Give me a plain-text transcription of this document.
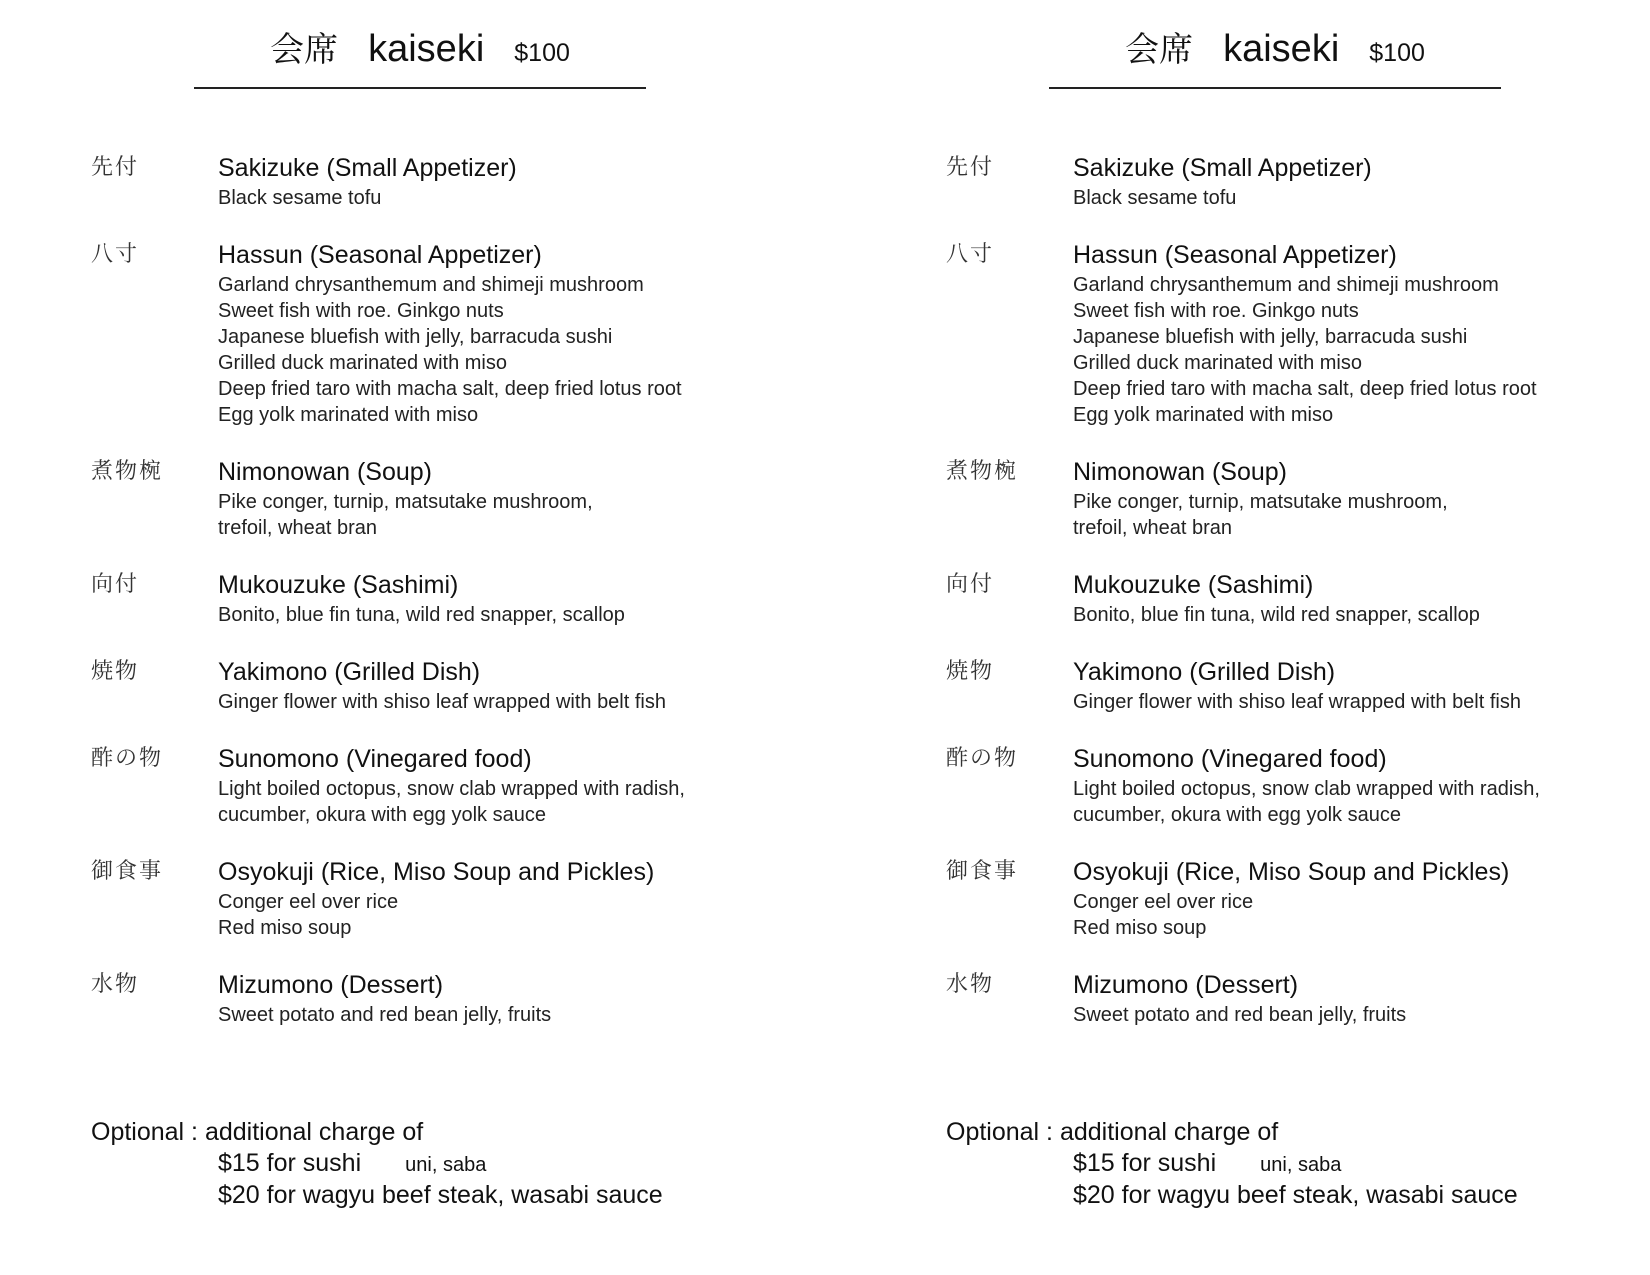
会席 kaiseki $100
先付	Sakizuke (Small Appetizer)
Black sesame tofu
八寸	Hassun (Seasonal Appetizer)
Garland chrysanthemum and shimeji mushroom
Sweet fish with roe. Ginkgo nuts
Japanese bluefish with jelly, barracuda sushi
Grilled duck marinated with miso
Deep fried taro with macha salt, deep fried lotus root
Egg yolk marinated with miso
煮物椀 Nimonowan (Soup)
Pike conger, turnip, matsutake mushroom,
trefoil, wheat bran
向付	Mukouzuke (Sashimi)
Bonito, blue fin tuna, wild red snapper, scallop
焼物	Yakimono (Grilled Dish)
Ginger flower with shiso leaf wrapped with belt fish
酢の物 Sunomono (Vinegared food)
Light boiled octopus, snow clab wrapped with radish,
cucumber, okura with egg yolk sauce
御食事 Osyokuji (Rice, Miso Soup and Pickles)
Conger eel over rice
Red miso soup
水物	Mizumono (Dessert)
Sweet potato and red bean jelly, fruits
Optional : additional charge of
$15 for sushi uni, saba
$20 for wagyu beef steak, wasabi sauce
会席 kaiseki $100
先付	Sakizuke (Small Appetizer)
Black sesame tofu
八寸	Hassun (Seasonal Appetizer)
Garland chrysanthemum and shimeji mushroom
Sweet fish with roe. Ginkgo nuts
Japanese bluefish with jelly, barracuda sushi
Grilled duck marinated with miso
Deep fried taro with macha salt, deep fried lotus root
Egg yolk marinated with miso
煮物椀 Nimonowan (Soup)
Pike conger, turnip, matsutake mushroom,
trefoil, wheat bran
向付	Mukouzuke (Sashimi)
Bonito, blue fin tuna, wild red snapper, scallop
焼物	Yakimono (Grilled Dish)
Ginger flower with shiso leaf wrapped with belt fish
酢の物 Sunomono (Vinegared food)
Light boiled octopus, snow clab wrapped with radish,
cucumber, okura with egg yolk sauce
御食事 Osyokuji (Rice, Miso Soup and Pickles)
Conger eel over rice
Red miso soup
水物	Mizumono (Dessert)
Sweet potato and red bean jelly, fruits
Optional : additional charge of
$15 for sushi uni, saba
$20 for wagyu beef steak, wasabi sauce
